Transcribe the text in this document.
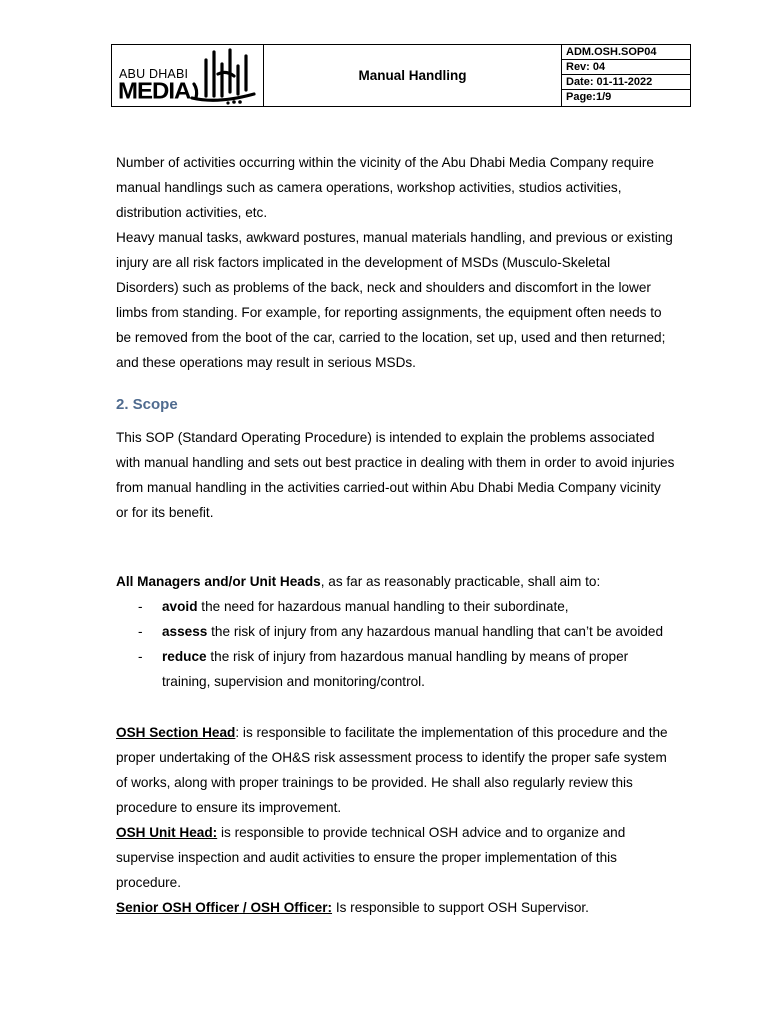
ABU DHABI
MEDIA
	Manual Handling	
ADM.OSH.SOP04
Rev: 04
Date: 01-11-2022
Page:1/9

Number of activities occurring within the vicinity of the Abu Dhabi Media Company require manual handlings such as camera operations, workshop activities, studios activities, distribution activities, etc.

Heavy manual tasks, awkward postures, manual materials handling, and previous or existing injury are all risk factors implicated in the development of MSDs (Musculo-Skeletal Disorders) such as problems of the back, neck and shoulders and discomfort in the lower limbs from standing. For example, for reporting assignments, the equipment often needs to be removed from the boot of the car, carried to the location, set up, used and then returned; and these operations may result in serious MSDs.

2. Scope

This SOP (Standard Operating Procedure) is intended to explain the problems associated with manual handling and sets out best practice in dealing with them in order to avoid injuries from manual handling in the activities carried-out within Abu Dhabi Media Company vicinity or for its benefit.

All Managers and/or Unit Heads, as far as reasonably practicable, shall aim to:

- avoid the need for hazardous manual handling to their subordinate,
- assess the risk of injury from any hazardous manual handling that can’t be avoided
- reduce the risk of injury from hazardous manual handling by means of proper training, supervision and monitoring/control.

OSH Section Head: is responsible to facilitate the implementation of this procedure and the proper undertaking of the OH&S risk assessment process to identify the proper safe system of works, along with proper trainings to be provided. He shall also regularly review this procedure to ensure its improvement.

OSH Unit Head: is responsible to provide technical OSH advice and to organize and supervise inspection and audit activities to ensure the proper implementation of this procedure.

Senior OSH Officer / OSH Officer: Is responsible to support OSH Supervisor.
